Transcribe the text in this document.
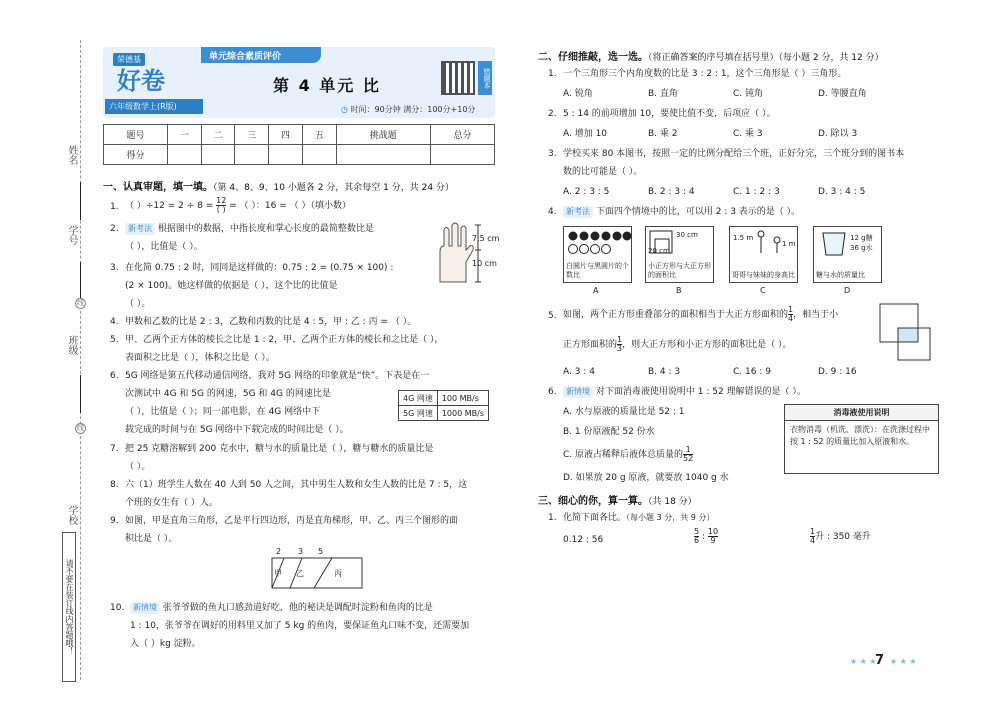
姓名
学号
线
班级
线
学校
请不要在装订线内答题哦！
荣德基
好卷
六年级数学上(R版)
单元综合素质评价
第 4 单元 比
◷ 时间：90分钟 满分：100分+10分
错题本
题号	一	二	三	四	五	挑战题	总分
得分							
一、认真审题，填一填。（第 4、8、9、10 小题各 2 分，其余每空 1 分，共 24 分）
1. （ ）$\div 12 = 2 \div 8 = \frac{12}{( )}$ = （ ）：16 = （ ）（填小数）
2.	新考法 根据图中的数据，中指长度和掌心长度的最简整数比是
（ ），比值是（ ）。
7.5 cm
10 cm
3. 在化简 0.75 : 2 时，同同是这样做的：0.75 : 2 = (0.75 × 100) :
(2 × 100)。她这样做的依据是（ ），这个比的比值是
（ ）。
4. 甲数和乙数的比是 2 : 3，乙数和丙数的比是 4 : 5，甲 : 乙 : 丙 = （ ）。
5. 甲、乙两个正方体的棱长之比是 1 : 2，甲、乙两个正方体的棱长和之比是（ ），
表面积之比是（ ），体积之比是（ ）。
6. 5G 网络是第五代移动通信网络，我对 5G 网络的印象就是“快”。下表是在一
次测试中 4G 和 5G 的网速，5G 和 4G 的网速比是
（ ），比值是（ ）；同一部电影，在 4G 网络中下
载完成的时间与在 5G 网络中下载完成的时间比是（ ）。
4G 网速	100 MB/s
5G 网速	1000 MB/s
7. 把 25 克糖溶解到 200 克水中，糖与水的质量比是（ ），糖与糖水的质量比是
（ ）。
8. 六（1）班学生人数在 40 人到 50 人之间，其中男生人数和女生人数的比是 7 : 5，这
个班的女生有（ ）人。
9. 如图，甲是直角三角形，乙是平行四边形，丙是直角梯形，甲、乙、丙三个图形的面
积比是（ ）。
2 3 5
甲 乙	丙
10.	新情境 张爷爷做的鱼丸口感劲道好吃，他的秘诀是调配时淀粉和鱼肉的比是
1 : 10，张爷爷在调好的用料里又加了 5 kg 的鱼肉，要保证鱼丸口味不变，还需要加
入（ ）kg 淀粉。
二、仔细推敲，选一选。（将正确答案的序号填在括号里）（每小题 2 分，共 12 分）
1. 一个三角形三个内角度数的比是 3 : 2 : 1，这个三角形是（ ）三角形。
A. 锐角	B. 直角	C. 钝角	D. 等腰直角
2. 5 : 14 的前项增加 10，要使比值不变，后项应（ ）。
A. 增加 10	B. 乘 2	C. 乘 3	D. 除以 3
3. 学校买来 80 本图书，按照一定的比例分配给三个班，正好分完，三个班分到的图书本
数的比可能是（ ）。
A. 2 : 3 : 5	B. 2 : 3 : 4	C. 1 : 2 : 3	D. 3 : 4 : 5
4.	新考法 下面四个情境中的比，可以用 2 : 3 表示的是（ ）。
白圆片与黑圆片的个数比
A
30 cm
20 cm
小正方形与大正方形的面积比
B
1.5 m
1 m
哥哥与妹妹的身高比
C
12 g糖
36 g水
糖与水的质量比
D
5. 如图，两个正方形重叠部分的面积相当于大正方形面积的 $\frac{1}{4}$ ，相当于小
正方形面积的 $\frac{1}{3}$ ，则大正方形和小正方形的面积比是（ ）。
A. 3 : 4	B. 4 : 3	C. 16 : 9	D. 9 : 16
6.	新情境 对下面消毒液使用说明中 1 : 52 理解错误的是（ ）。
A. 水与原液的质量比是 52 : 1
B. 1 份原液配 52 份水
C. 原液占稀释后液体总质量的 $\frac{1}{52}$
D. 如果放 20 g 原液，就要放 1040 g 水
消毒液使用说明
衣物消毒（机洗、漂洗）：在洗涤过程中按 1 : 52 的质量比加入原液和水。
三、细心的你，算一算。（共 18 分）
1. 化简下面各比。（每小题 3 分，共 9 分）
0.12 : 56	$\frac{5}{6}$ : $\frac{10}{9}$	$\frac{1}{4}$ 升 : 350 毫升
★ ★ ★
7 ★ ★ ★
